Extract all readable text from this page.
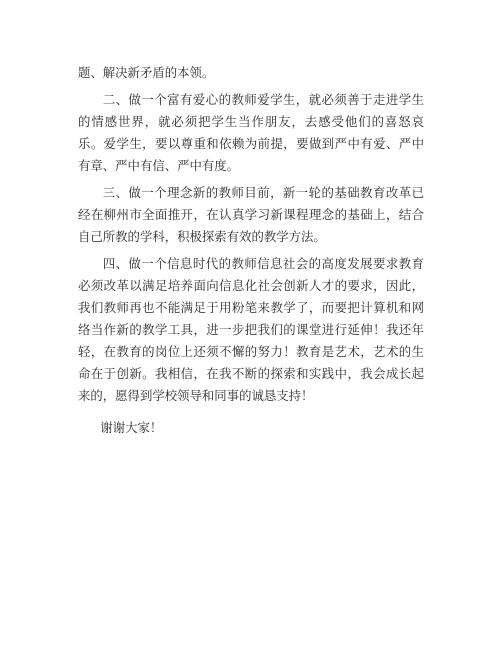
题、解决新矛盾的本领。

二、做一个富有爱心的教师爱学生，就必须善于走进学生的情感世界，就必须把学生当作朋友，去感受他们的喜怒哀乐。爱学生，要以尊重和依赖为前提，要做到严中有爱、严中有章、严中有信、严中有度。

三、做一个理念新的教师目前，新一轮的基础教育改革已经在柳州市全面推开，在认真学习新课程理念的基础上，结合自己所教的学科，积极探索有效的教学方法。

四、做一个信息时代的教师信息社会的高度发展要求教育必须改革以满足培养面向信息化社会创新人才的要求，因此，我们教师再也不能满足于用粉笔来教学了，而要把计算机和网络当作新的教学工具，进一步把我们的课堂进行延伸！我还年轻，在教育的岗位上还须不懈的努力！教育是艺术，艺术的生命在于创新。我相信，在我不断的探索和实践中，我会成长起来的，愿得到学校领导和同事的诚恳支持！

谢谢大家！
